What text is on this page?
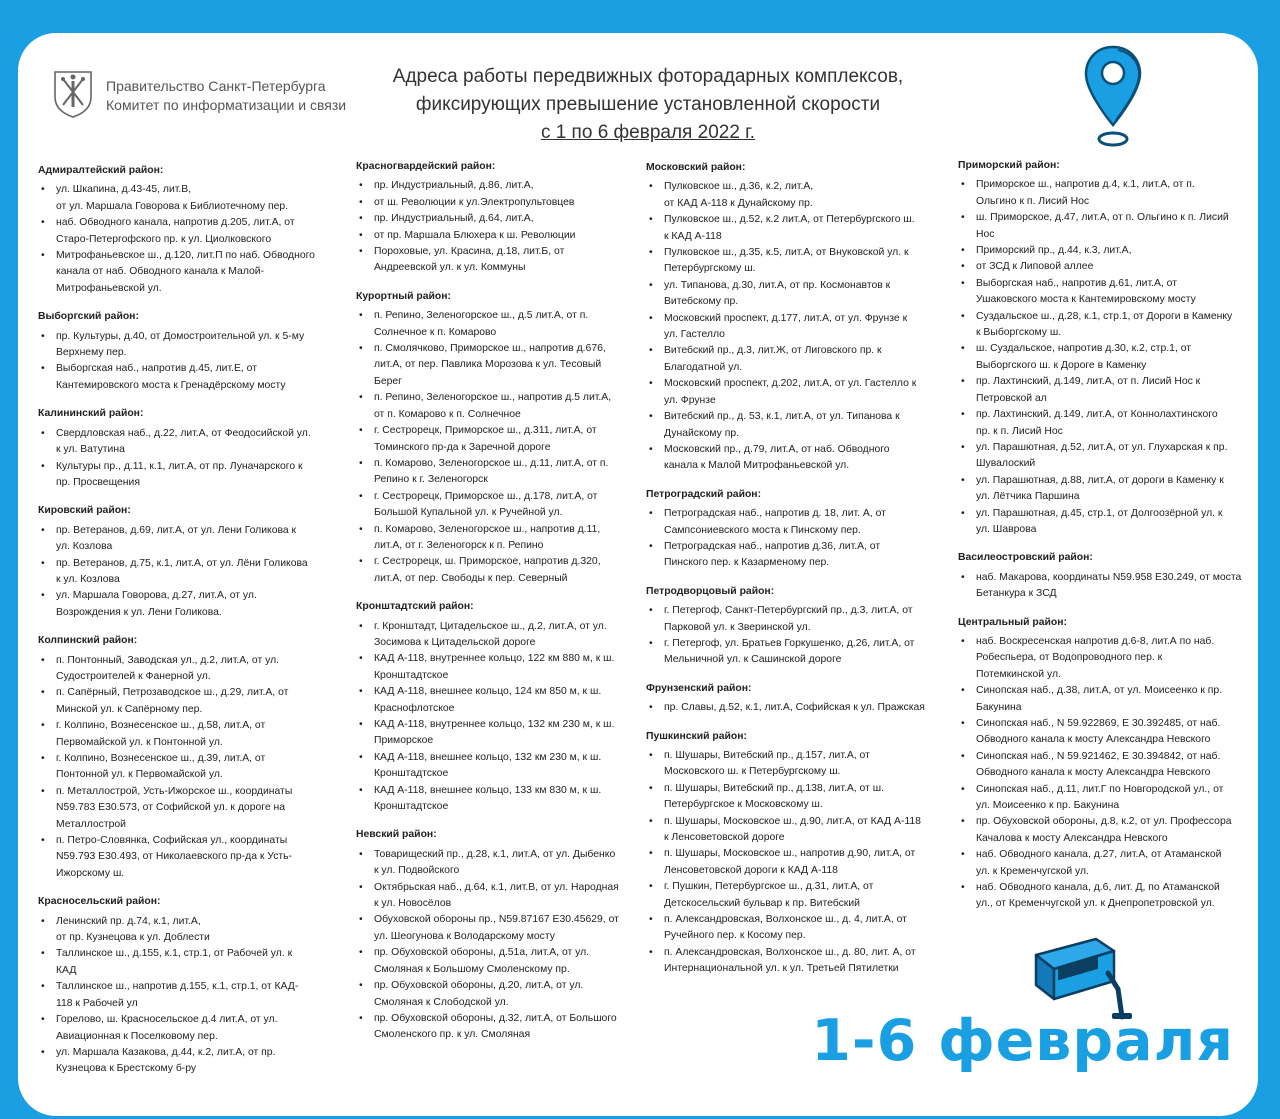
Правительство Санкт-Петербурга
Комитет по информатизации и связи
Адреса работы передвижных фоторадарных комплексов,
фиксирующих превышение установленной скорости
с 1 по 6 февраля 2022 г.
1-6 февраля
Адмиралтейский район:
• ул. Шкапина, д.43-45, лит.В,
от ул. Маршала Говорова к Библиотечному пер.
• наб. Обводного канала, напротив д.205, лит.А, от
Старо-Петергофского пр. к ул. Циолковского
• Митрофаньевское ш., д.120, лит.П по наб. Обводного
канала от наб. Обводного канала к Малой-
Митрофаньевской ул.
Выборгский район:
• пр. Культуры, д.40, от Домостроительной ул. к 5-му
Верхнему пер.
• Выборгская наб., напротив д.45, лит.Е, от
Кантемировского моста к Гренадёрскому мосту
Калининский район:
• Свердловская наб., д.22, лит.А, от Феодосийской ул.
к ул. Ватутина
• Культуры пр., д.11, к.1, лит.А, от пр. Луначарского к
пр. Просвещения
Кировский район:
• пр. Ветеранов, д.69, лит.А, от ул. Лени Голикова к
ул. Козлова
• пр. Ветеранов, д.75, к.1, лит.А, от ул. Лёни Голикова
к ул. Козлова
• ул. Маршала Говорова, д.27, лит.А, от ул.
Возрождения к ул. Лени Голикова.
Колпинский район:
• п. Понтонный, Заводская ул., д.2, лит.А, от ул.
Судостроителей к Фанерной ул.
• п. Сапёрный, Петрозаводское ш., д.29, лит.А, от
Минской ул. к Сапёрному пер.
• г. Колпино, Вознесенское ш., д.58, лит.А, от
Первомайской ул. к Понтонной ул.
• г. Колпино, Вознесенское ш., д.39, лит.А, от
Понтонной ул. к Первомайской ул.
• п. Металлострой, Усть-Ижорское ш., координаты
N59.783 E30.573, от Софийской ул. к дороге на
Металлострой
• п. Петро-Словянка, Софийская ул., координаты
N59.793 E30.493, от Николаевского пр-да к Усть-
Ижорскому ш.
Красносельский район:
• Ленинский пр. д.74, к.1, лит.А,
от пр. Кузнецова к ул. Доблести
• Таллинское ш., д.155, к.1, стр.1, от Рабочей ул. к
КАД
• Таллинское ш., напротив д.155, к.1, стр.1, от КАД-
118 к Рабочей ул
• Горелово, ш. Красносельское д.4 лит.А, от ул.
Авиационная к Поселковому пер.
• ул. Маршала Казакова, д.44, к.2, лит.А, от пр.
Кузнецова к Брестскому б-ру
Красногвардейский район:
• пр. Индустриальный, д.86, лит.А,
• от ш. Революции к ул.Электропультовцев
• пр. Индустриальный, д.64, лит.А,
• от пр. Маршала Блюхера к ш. Революции
• Пороховые, ул. Красина, д.18, лит.Б, от
Андреевской ул. к ул. Коммуны
Курортный район:
• п. Репино, Зеленогорское ш., д.5 лит.А, от п.
Солнечное к п. Комарово
• п. Смолячково, Приморское ш., напротив д.676,
лит.А, от пер. Павлика Морозова к ул. Тесовый
Берег
• п. Репино, Зеленогорское ш., напротив д.5 лит.А,
от п. Комарово к п. Солнечное
• г. Сестрорецк, Приморское ш., д.311, лит.А, от
Томинского пр-да к Заречной дороге
• п. Комарово, Зеленогорское ш., д.11, лит.А, от п.
Репино к г. Зеленогорск
• г. Сестрорецк, Приморское ш., д.178, лит.А, от
Большой Купальной ул. к Ручейной ул.
• п. Комарово, Зеленогорское ш., напротив д.11,
лит.А, от г. Зеленогорск к п. Репино
• г. Сестрорецк, ш. Приморское, напротив д.320,
лит.А, от пер. Свободы к пер. Северный
Кронштадтский район:
• г. Кронштадт, Цитадельское ш., д.2, лит.А, от ул.
Зосимова к Цитадельской дороге
• КАД А-118, внутреннее кольцо, 122 км 880 м, к ш.
Кронштадтское
• КАД А-118, внешнее кольцо, 124 км 850 м, к ш.
Краснофлотское
• КАД А-118, внутреннее кольцо, 132 км 230 м, к ш.
Приморское
• КАД А-118, внешнее кольцо, 132 км 230 м, к ш.
Кронштадтское
• КАД А-118, внешнее кольцо, 133 км 830 м, к ш.
Кронштадтское
Невский район:
• Товарищеский пр., д.28, к.1, лит.А, от ул. Дыбенко
к ул. Подвойского
• Октябрьская наб., д.64, к.1, лит.В, от ул. Народная
к ул. Новосёлов
• Обуховской обороны пр., N59.87167 E30.45629, от
ул. Шеогунова к Володарскому мосту
• пр. Обуховской обороны, д.51а, лит.А, от ул.
Смоляная к Большому Смоленскому пр.
• пр. Обуховской обороны, д.20, лит.А, от ул.
Смоляная к Слободской ул.
• пр. Обуховской обороны, д.32, лит.А, от Большого
Смоленского пр. к ул. Смоляная
Московский район:
• Пулковское ш., д.36, к.2, лит.А,
от КАД А-118 к Дунайскому пр.
• Пулковское ш., д.52, к.2 лит.А, от Петербургского ш.
к КАД А-118
• Пулковское ш., д.35, к.5, лит.А, от Внуковской ул. к
Петербургскому ш.
• ул. Типанова, д.30, лит.А, от пр. Космонавтов к
Витебскому пр.
• Московский проспект, д.177, лит.А, от ул. Фрунзе к
ул. Гастелло
• Витебский пр., д.3, лит.Ж, от Лиговского пр. к
Благодатной ул.
• Московский проспект, д.202, лит.А, от ул. Гастелло к
ул. Фрунзе
• Витебский пр., д. 53, к.1, лит.А, от ул. Типанова к
Дунайскому пр.
• Московский пр., д.79, лит.А, от наб. Обводного
канала к Малой Митрофаньевской ул.
Петроградский район:
• Петроградская наб., напротив д. 18, лит. А, от
Сампсониевского моста к Пинскому пер.
• Петроградская наб., напротив д.36, лит.А, от
Пинского пер. к Казарменому пер.
Петродворцовый район:
• г. Петергоф, Санкт-Петербургский пр., д.3, лит.А, от
Парковой ул. к Зверинской ул.
• г. Петергоф, ул. Братьев Горкушенко, д.26, лит.А, от
Мельничной ул. к Сашинской дороге
Фрунзенский район:
• пр. Славы, д.52, к.1, лит.А, Софийская к ул. Пражская
Пушкинский район:
• п. Шушары, Витебский пр., д.157, лит.А, от
Московского ш. к Петербургскому ш.
• п. Шушары, Витебский пр., д.138, лит.А, от ш.
Петербургское к Московскому ш.
• п. Шушары, Московское ш., д.90, лит.А, от КАД А-118
к Ленсоветовской дороге
• п. Шушары, Московское ш., напротив д.90, лит.А, от
Ленсоветовской дороги к КАД А-118
• г. Пушкин, Петербургское ш., д.31, лит.А, от
Детскосельский бульвар к пр. Витебский
• п. Александровская, Волхонское ш., д. 4, лит.А, от
Ручейного пер. к Косому пер.
• п. Александровская, Волхонское ш., д. 80, лит. А, от
Интернациональной ул. к ул. Третьей Пятилетки
Приморский район:
• Приморское ш., напротив д.4, к.1, лит.А, от п.
Ольгино к п. Лисий Нос
• ш. Приморское, д.47, лит.А, от п. Ольгино к п. Лисий
Нос
• Приморский пр., д.44, к.3, лит.А,
• от ЗСД к Липовой аллее
• Выборгская наб., напротив д.61, лит.А, от
Ушаковского моста к Кантемировскому мосту
• Суздальское ш., д.28, к.1, стр.1, от Дороги в Каменку
к Выборгскому ш.
• ш. Суздальское, напротив д.30, к.2, стр.1, от
Выборгского ш. к Дороге в Каменку
• пр. Лахтинский, д.149, лит.А, от п. Лисий Нос к
Петровской ал
• пр. Лахтинский, д.149, лит.А, от Коннолахтинского
пр. к п. Лисий Нос
• ул. Парашютная, д.52, лит.А, от ул. Глухарская к пр.
Шувалоский
• ул. Парашютная, д.88, лит.А, от дороги в Каменку к
ул. Лётчика Паршина
• ул. Парашютная, д.45, стр.1, от Долгоозёрной ул. к
ул. Шаврова
Василеостровский район:
• наб. Макарова, координаты N59.958 E30.249, от моста
Бетанкура к ЗСД
Центральный район:
• наб. Воскресенская напротив д.6-8, лит.А по наб.
Робеспьера, от Водопроводного пер. к
Потемкинской ул.
• Синопская наб., д.38, лит.А, от ул. Моисеенко к пр.
Бакунина
• Синопская наб., N 59.922869, E 30.392485, от наб.
Обводного канала к мосту Александра Невского
• Синопская наб., N 59.921462, E 30.394842, от наб.
Обводного канала к мосту Александра Невского
• Синопская наб., д.11, лит.Г по Новгородской ул., от
ул. Моисеенко к пр. Бакунина
• пр. Обуховской обороны, д.8, к.2, от ул. Профессора
Качалова к мосту Александра Невского
• наб. Обводного канала, д.27, лит.А, от Атаманской
ул. к Кременчугской ул.
• наб. Обводного канала, д.6, лит. Д, по Атаманской
ул., от Кременчугской ул. к Днепропетровской ул.
